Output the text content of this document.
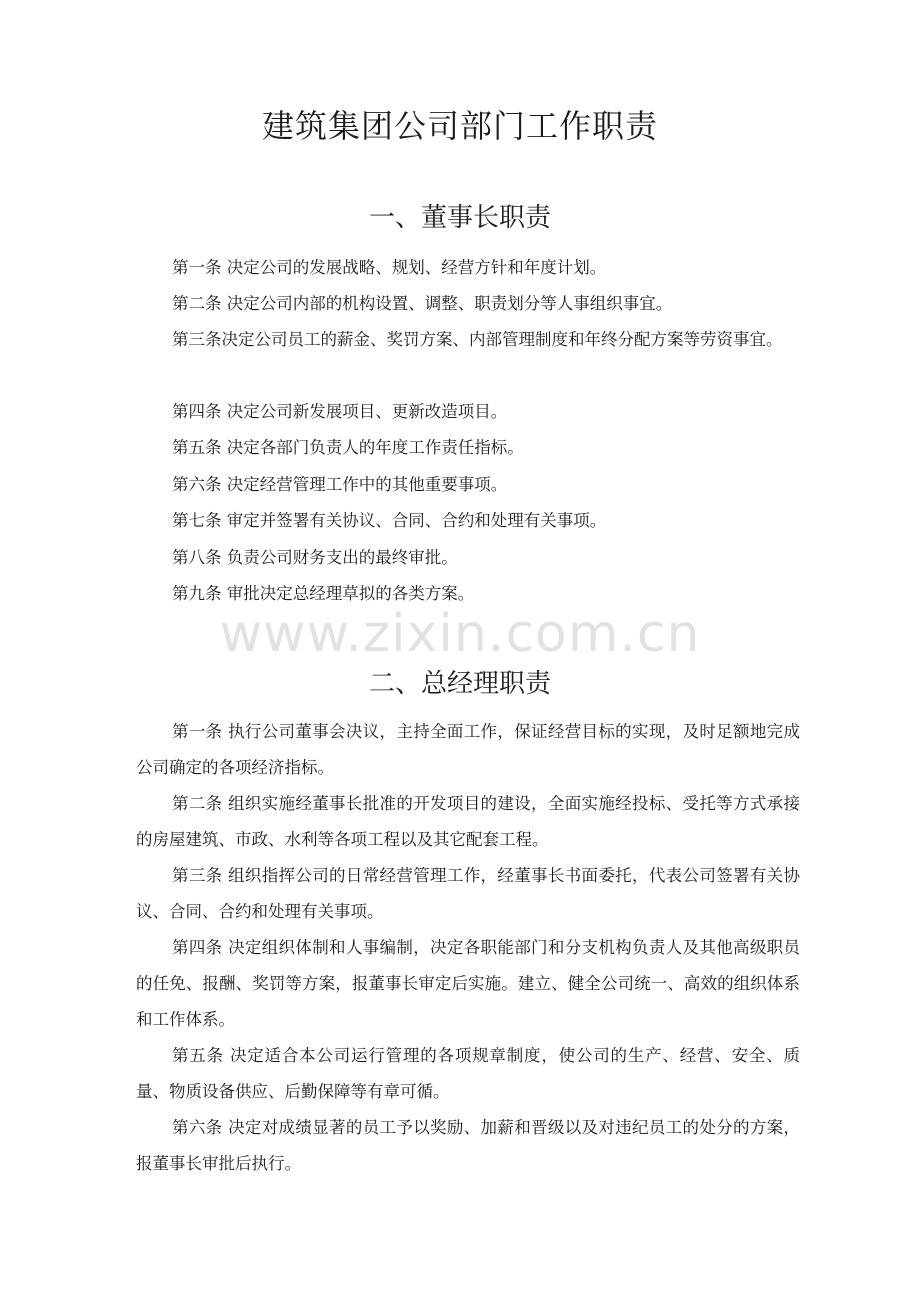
建筑集团公司部门工作职责
一、董事长职责

第一条 决定公司的发展战略、规划、经营方针和年度计划。

第二条 决定公司内部的机构设置、调整、职责划分等人事组织事宜。

第三条决定公司员工的薪金、奖罚方案、内部管理制度和年终分配方案等劳资事宜。

第四条 决定公司新发展项目、更新改造项目。

第五条 决定各部门负责人的年度工作责任指标。

第六条 决定经营管理工作中的其他重要事项。

第七条 审定并签署有关协议、合同、合约和处理有关事项。

第八条 负责公司财务支出的最终审批。

第九条 审批决定总经理草拟的各类方案。

www.zixin.com.cn
二、总经理职责

第一条 执行公司董事会决议，主持全面工作，保证经营目标的实现，及时足额地完成公司确定的各项经济指标。

第二条 组织实施经董事长批准的开发项目的建设，全面实施经投标、受托等方式承接的房屋建筑、市政、水利等各项工程以及其它配套工程。

第三条 组织指挥公司的日常经营管理工作，经董事长书面委托，代表公司签署有关协议、合同、合约和处理有关事项。

第四条 决定组织体制和人事编制，决定各职能部门和分支机构负责人及其他高级职员的任免、报酬、奖罚等方案，报董事长审定后实施。建立、健全公司统一、高效的组织体系和工作体系。

第五条 决定适合本公司运行管理的各项规章制度，使公司的生产、经营、安全、质量、物质设备供应、后勤保障等有章可循。

第六条 决定对成绩显著的员工予以奖励、加薪和晋级以及对违纪员工的处分的方案，报董事长审批后执行。
